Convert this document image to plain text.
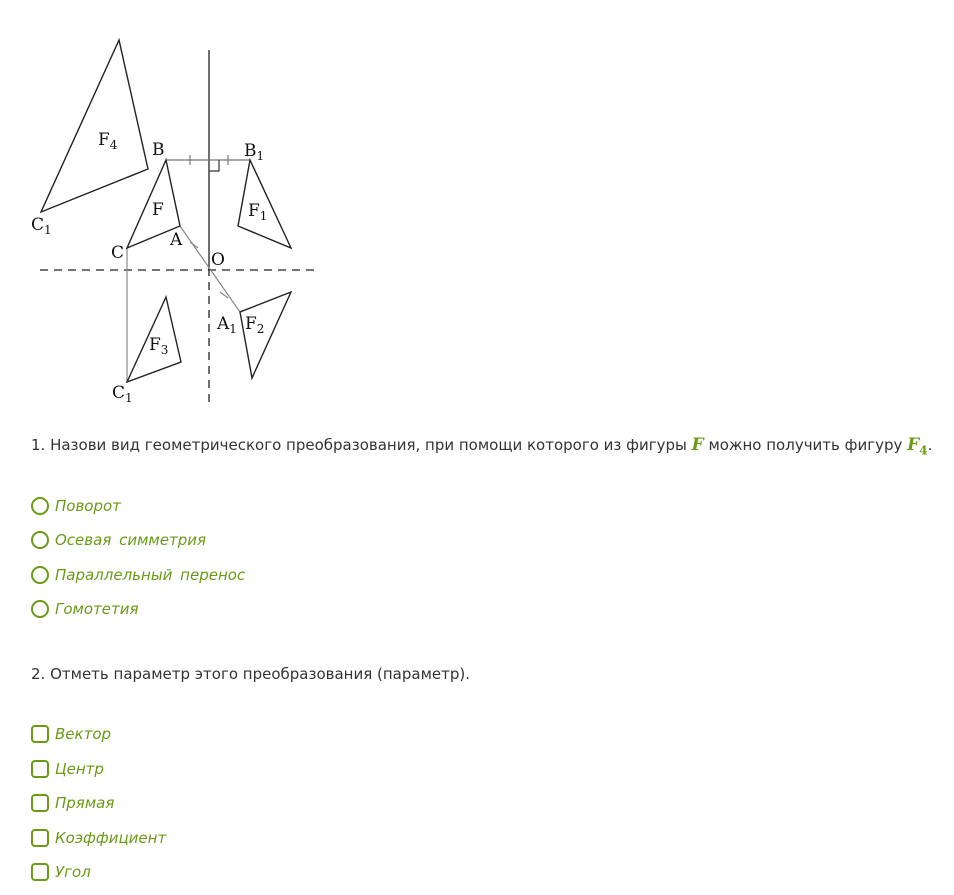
B	$B_1$
C
$C_1$
$C_1$
A
$A_1$
O
F	$F_1$
$F_2$
$F_3$
$F_4$
1. Назови вид геометрического преобразования, при помощи которого из фигуры F можно получить фигуру $F_4$.
Поворот
Осевая симметрия
Параллельный перенос
Гомотетия
2. Отметь параметр этого преобразования (параметр).
Вектор
Центр
Прямая
Коэффициент
Угол
